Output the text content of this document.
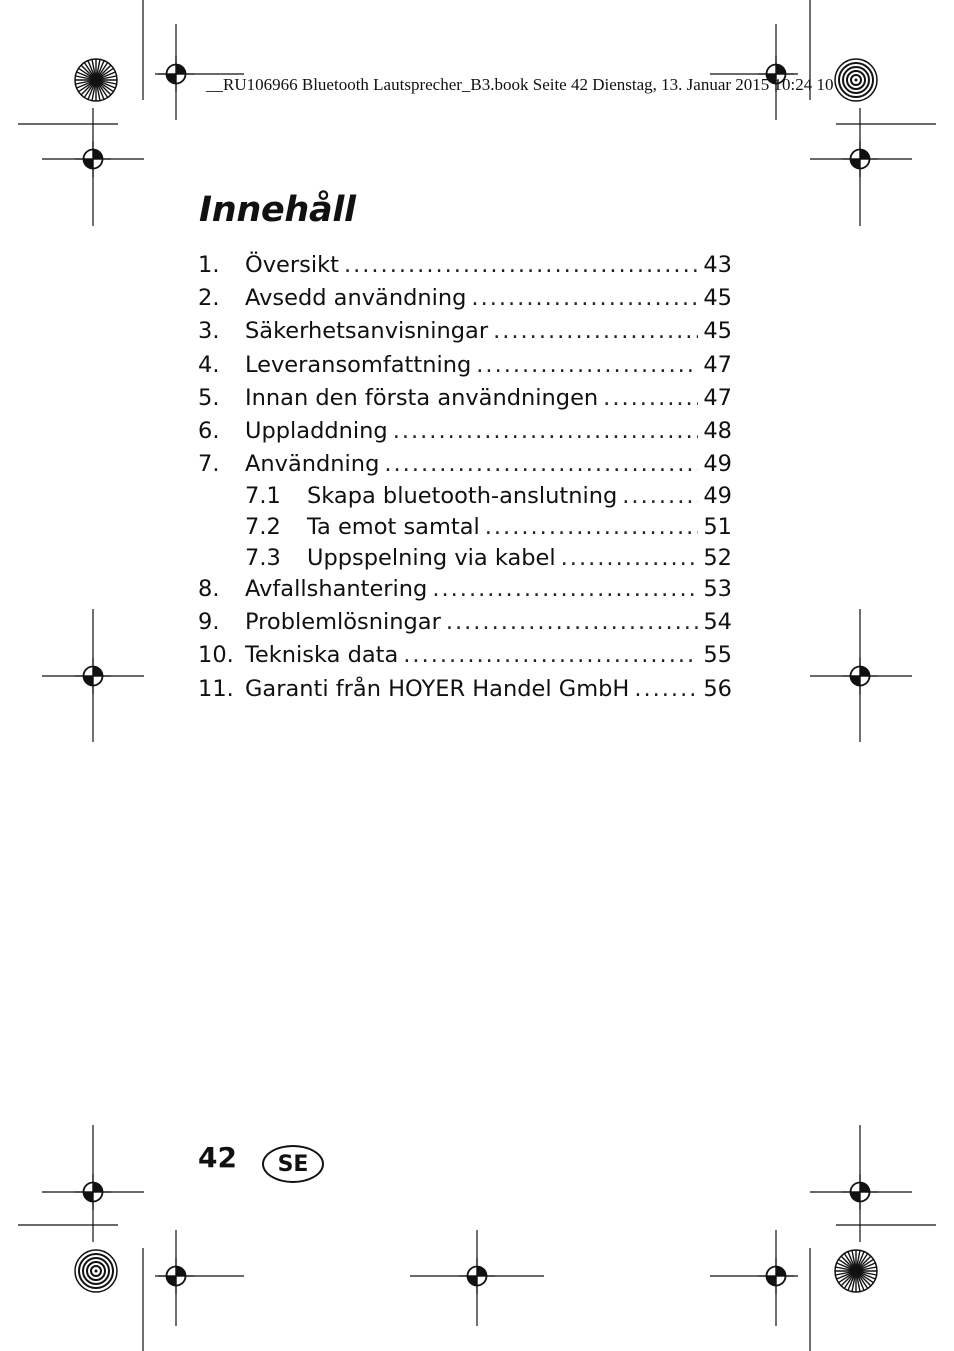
__RU106966 Bluetooth Lautsprecher_B3.book Seite 42 Dienstag, 13. Januar 2015 10:24 10
Innehåll
1.	Översikt .....	43
2.	Avsedd användning .....	45
3.	Säkerhetsanvisningar .....	45
4.	Leveransomfattning .....	47
5.	Innan den första användningen .....	47
6.	Uppladdning .....	48
7.	Användning .....	49
7.1	Skapa bluetooth-anslutning .....	49
7.2	Ta emot samtal .....	51
7.3	Uppspelning via kabel .....	52
8.	Avfallshantering .....	53
9.	Problemlösningar .....	54
10. Tekniska data .....	55
11. Garanti från HOYER Handel GmbH .....	56
42	SE
